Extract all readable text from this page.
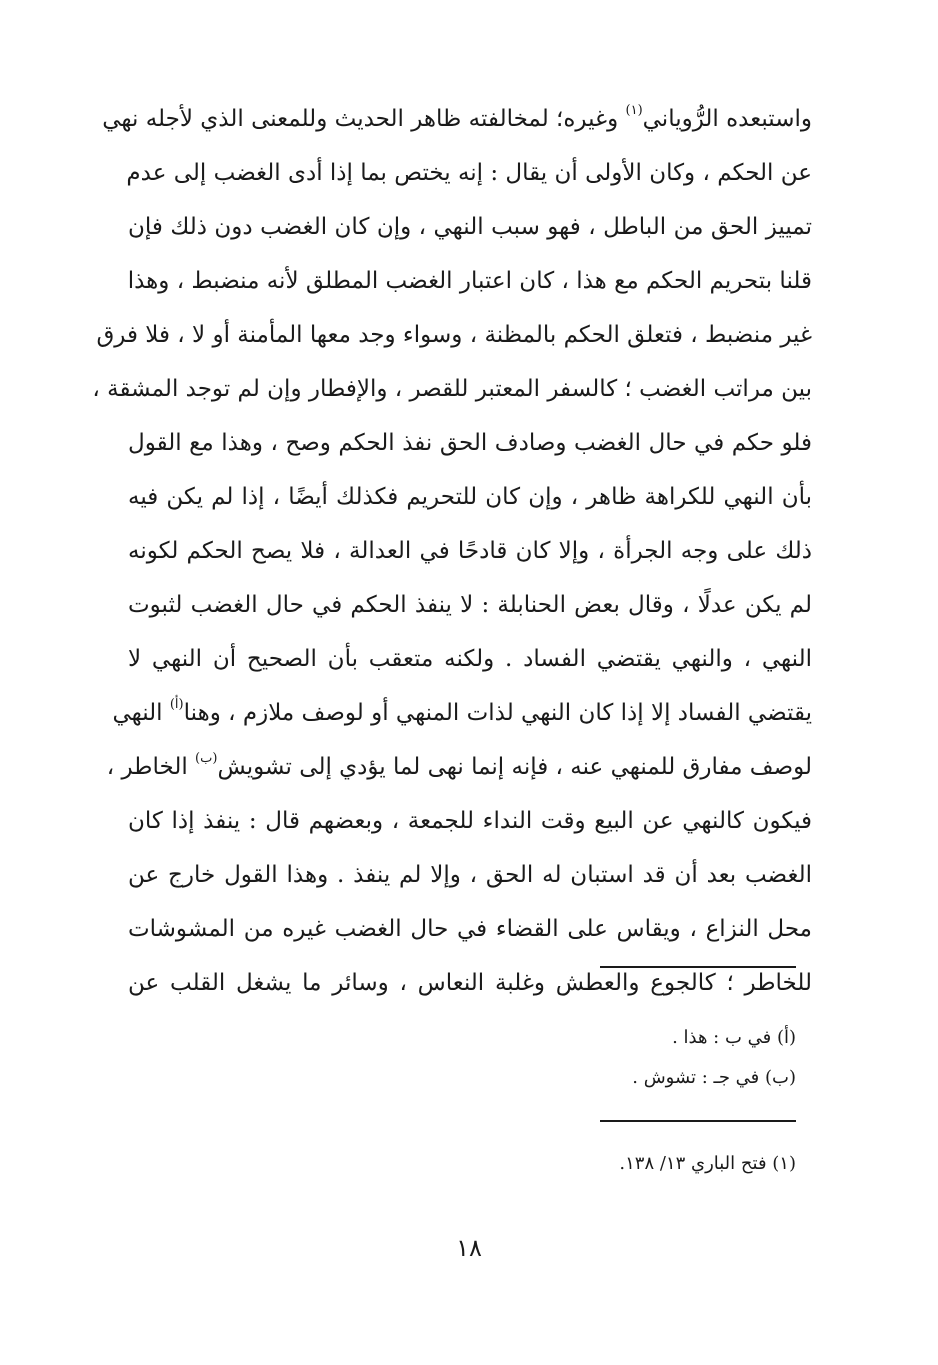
واستبعده الرُّوياني$^{(١)}$ وغيره؛ لمخالفته ظاهر الحديث وللمعنى الذي لأجله نهي
عن الحكم ، وكان الأولى أن يقال : إنه يختص بما إذا أدى الغضب إلى عدم
تمييز الحق من الباطل ، فهو سبب النهي ، وإن كان الغضب دون ذلك فإن
قلنا بتحريم الحكم مع هذا ، كان اعتبار الغضب المطلق لأنه منضبط ، وهذا
غير منضبط ، فتعلق الحكم بالمظنة ، وسواء وجد معها المأمنة أو لا ، فلا فرق
بين مراتب الغضب ؛ كالسفر المعتبر للقصر ، والإفطار وإن لم توجد المشقة ،
فلو حكم في حال الغضب وصادف الحق نفذ الحكم وصح ، وهذا مع القول
بأن النهي للكراهة ظاهر ، وإن كان للتحريم فكذلك أيضًا ، إذا لم يكن فيه
ذلك على وجه الجرأة ، وإلا كان قادحًا في العدالة ، فلا يصح الحكم لكونه
لم يكن عدلًا ، وقال بعض الحنابلة : لا ينفذ الحكم في حال الغضب لثبوت
النهي ، والنهي يقتضي الفساد . ولكنه متعقب بأن الصحيح أن النهي لا
يقتضي الفساد إلا إذا كان النهي لذات المنهي أو لوصف ملازم ، وهنا$^{(أ)}$ النهي
لوصف مفارق للمنهي عنه ، فإنه إنما نهى لما يؤدي إلى تشويش$^{(ب)}$ الخاطر ،
فيكون كالنهي عن البيع وقت النداء للجمعة ، وبعضهم قال : ينفذ إذا كان
الغضب بعد أن قد استبان له الحق ، وإلا لم ينفذ . وهذا القول خارج عن
محل النزاع ، ويقاس على القضاء في حال الغضب غيره من المشوشات
للخاطر ؛ كالجوع والعطش وغلبة النعاس ، وسائر ما يشغل القلب عن
(أ) في ب : هذا .
(ب) في جـ : تشوش .
(١) فتح الباري ١٣/ ١٣٨.
١٨
